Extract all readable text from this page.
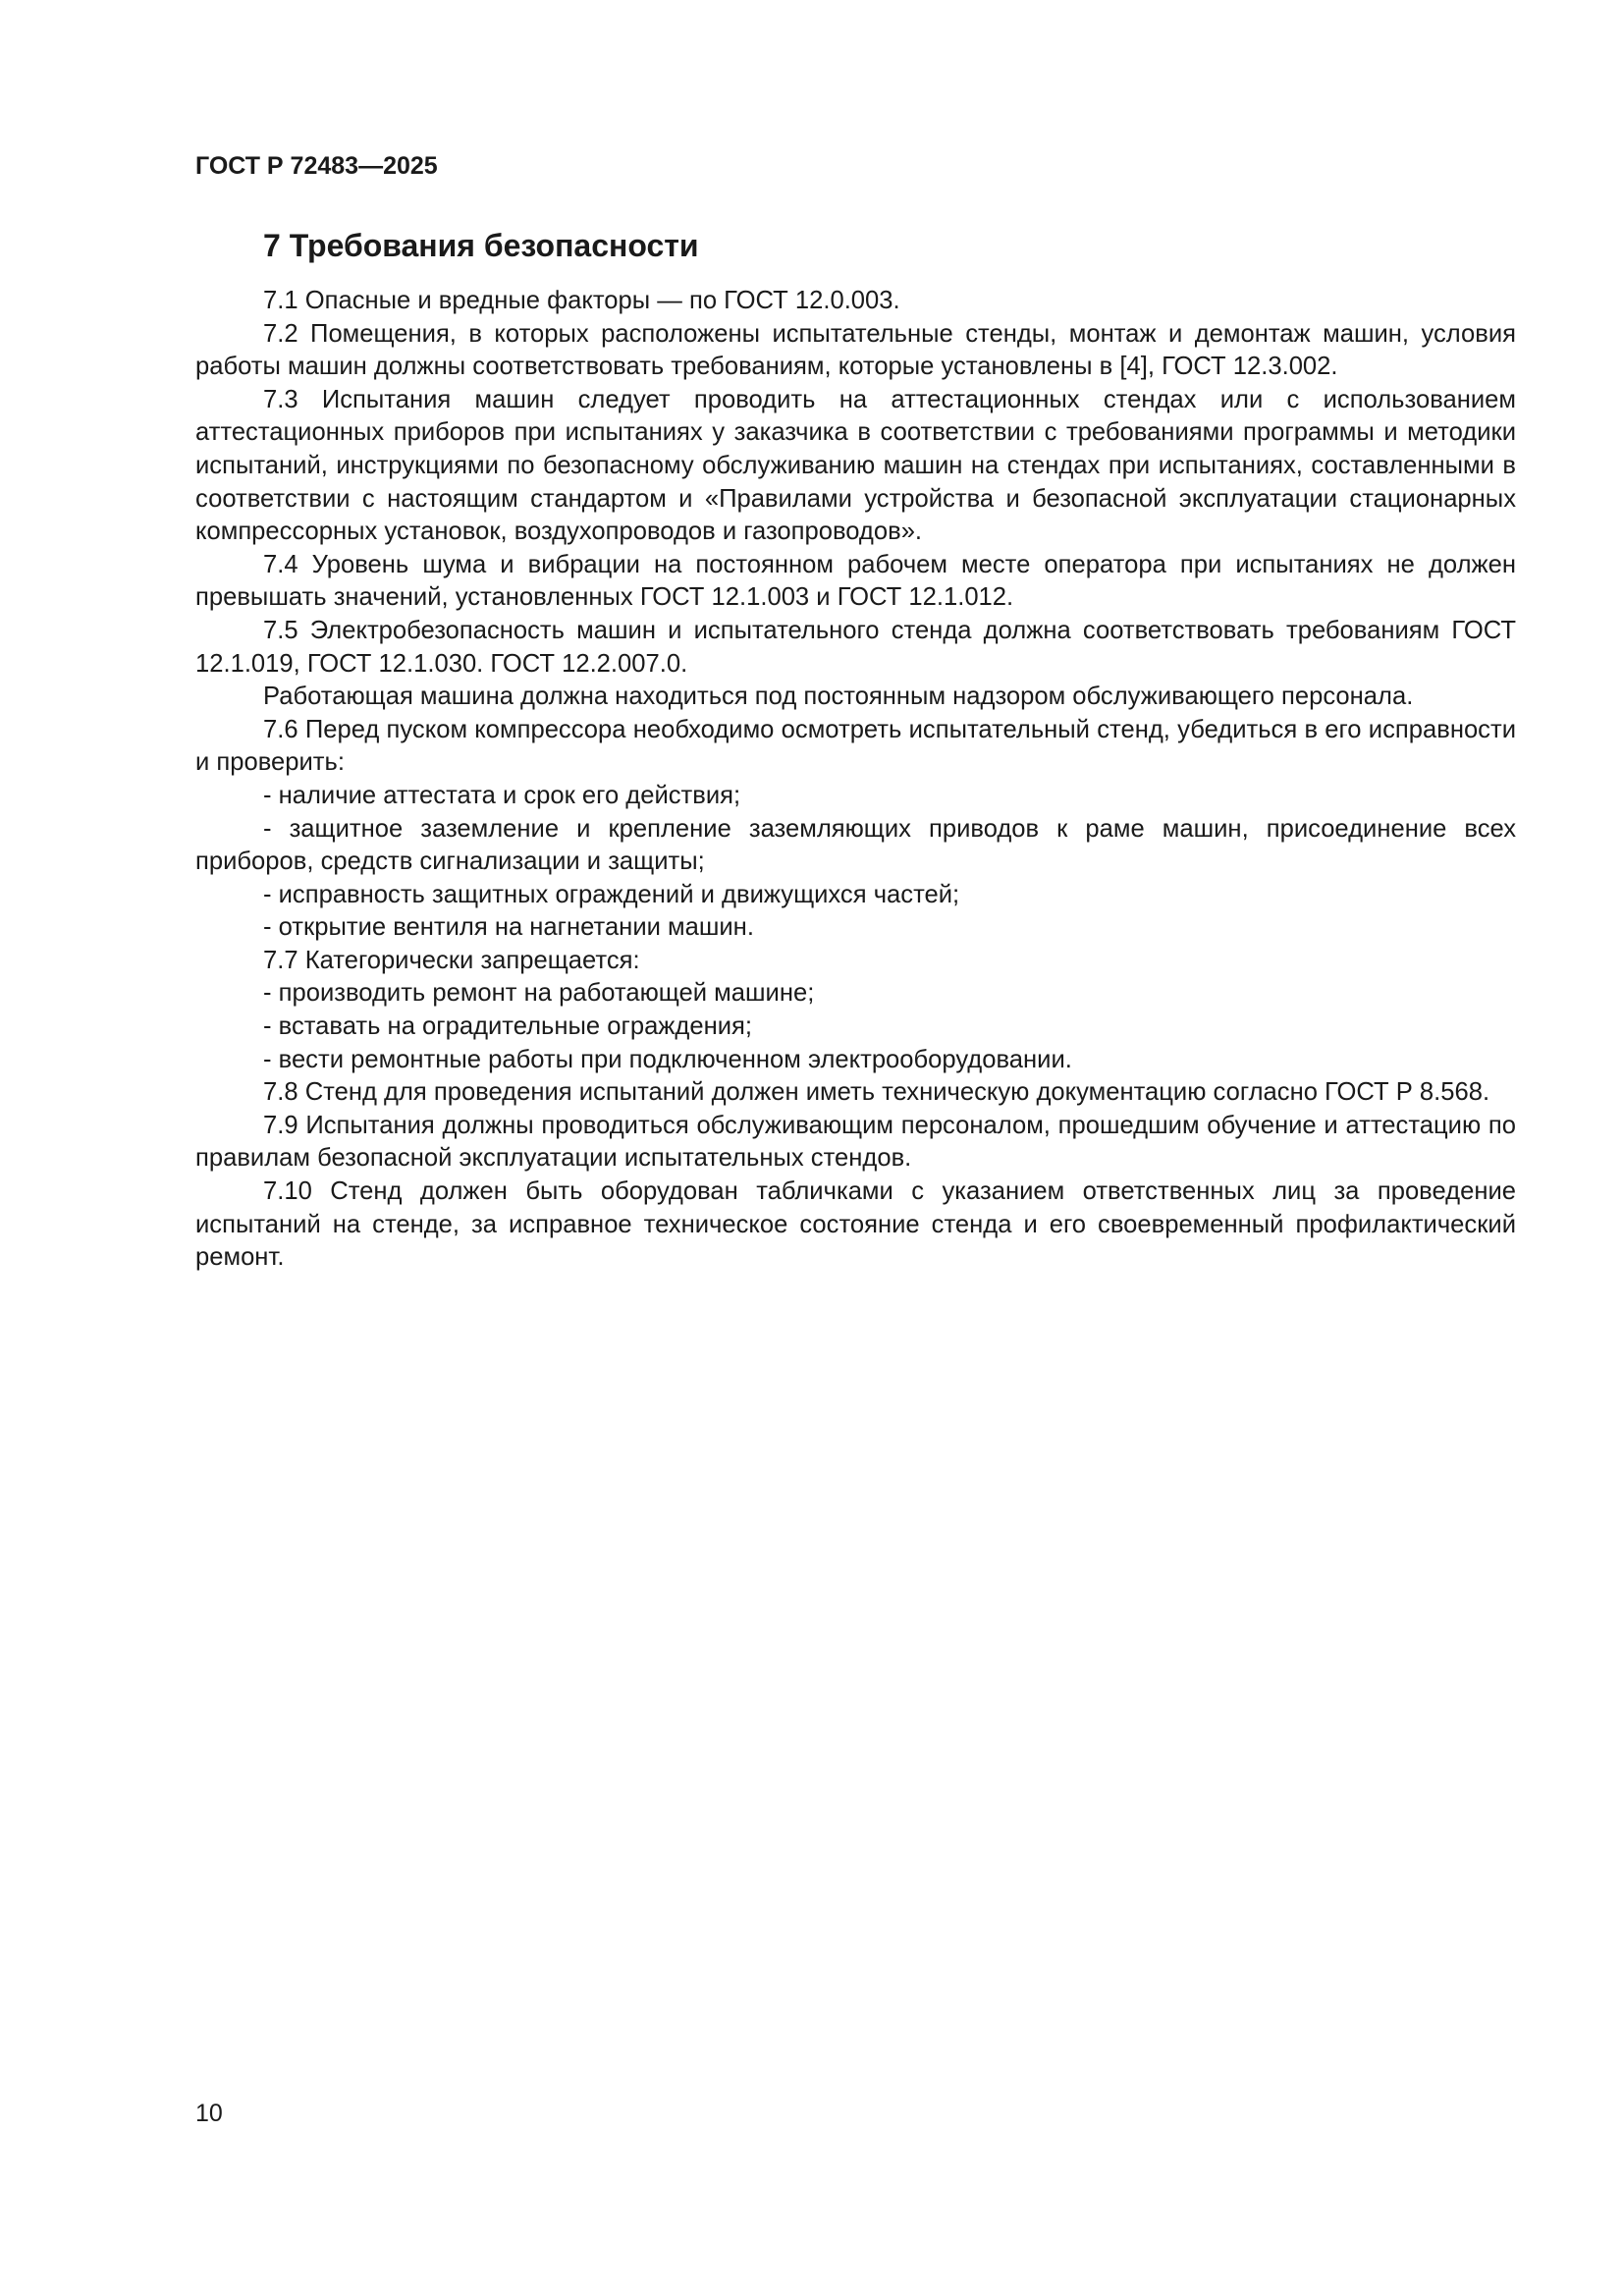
ГОСТ Р 72483—2025
7 Требования безопасности

7.1 Опасные и вредные факторы — по ГОСТ 12.0.003.

7.2 Помещения, в которых расположены испытательные стенды, монтаж и демонтаж машин, условия работы машин должны соответствовать требованиям, которые установлены в [4], ГОСТ 12.3.002.

7.3 Испытания машин следует проводить на аттестационных стендах или с использованием аттестационных приборов при испытаниях у заказчика в соответствии с требованиями программы и методики испытаний, инструкциями по безопасному обслуживанию машин на стендах при испытаниях, составленными в соответствии с настоящим стандартом и «Правилами устройства и безопасной эксплуатации стационарных компрессорных установок, воздухопроводов и газопроводов».

7.4 Уровень шума и вибрации на постоянном рабочем месте оператора при испытаниях не должен превышать значений, установленных ГОСТ 12.1.003 и ГОСТ 12.1.012.

7.5 Электробезопасность машин и испытательного стенда должна соответствовать требованиям ГОСТ 12.1.019, ГОСТ 12.1.030. ГОСТ 12.2.007.0.

Работающая машина должна находиться под постоянным надзором обслуживающего персонала.

7.6 Перед пуском компрессора необходимо осмотреть испытательный стенд, убедиться в его исправности и проверить:

- наличие аттестата и срок его действия;

- защитное заземление и крепление заземляющих приводов к раме машин, присоединение всех приборов, средств сигнализации и защиты;

- исправность защитных ограждений и движущихся частей;

- открытие вентиля на нагнетании машин.

7.7 Категорически запрещается:

- производить ремонт на работающей машине;

- вставать на оградительные ограждения;

- вести ремонтные работы при подключенном электрооборудовании.

7.8 Стенд для проведения испытаний должен иметь техническую документацию согласно ГОСТ Р 8.568.

7.9 Испытания должны проводиться обслуживающим персоналом, прошедшим обучение и аттестацию по правилам безопасной эксплуатации испытательных стендов.

7.10 Стенд должен быть оборудован табличками с указанием ответственных лиц за проведение испытаний на стенде, за исправное техническое состояние стенда и его своевременный профилактический ремонт.

10
